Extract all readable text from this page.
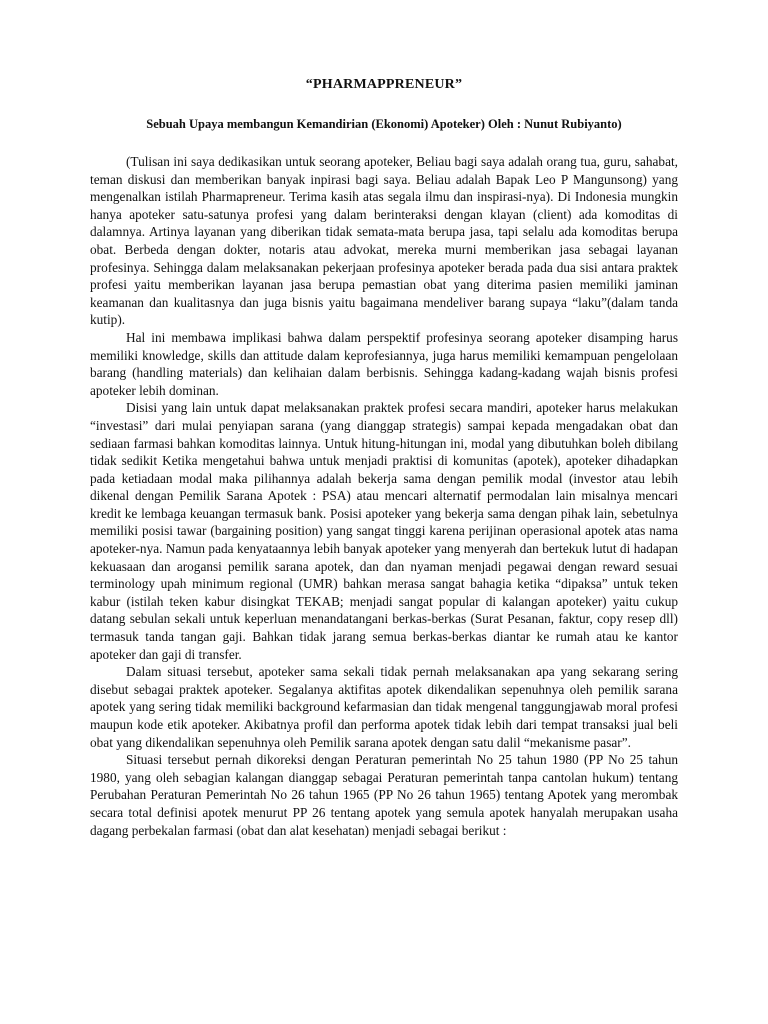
“PHARMAPPRENEUR”
Sebuah Upaya membangun Kemandirian (Ekonomi) Apoteker) Oleh : Nunut Rubiyanto)

(Tulisan ini saya dedikasikan untuk seorang apoteker, Beliau bagi saya adalah orang tua, guru, sahabat, teman diskusi dan memberikan banyak inpirasi bagi saya. Beliau adalah Bapak Leo P Mangunsong) yang mengenalkan istilah Pharmapreneur. Terima kasih atas segala ilmu dan inspirasi-nya). Di Indonesia mungkin hanya apoteker satu-satunya profesi yang dalam berinteraksi dengan klayan (client) ada komoditas di dalamnya. Artinya layanan yang diberikan tidak semata-mata berupa jasa, tapi selalu ada komoditas berupa obat. Berbeda dengan dokter, notaris atau advokat, mereka murni memberikan jasa sebagai layanan profesinya. Sehingga dalam melaksanakan pekerjaan profesinya apoteker berada pada dua sisi antara praktek profesi yaitu memberikan layanan jasa berupa pemastian obat yang diterima pasien memiliki jaminan keamanan dan kualitasnya dan juga bisnis yaitu bagaimana mendeliver barang supaya “laku”(dalam tanda kutip).

Hal ini membawa implikasi bahwa dalam perspektif profesinya seorang apoteker disamping harus memiliki knowledge, skills dan attitude dalam keprofesiannya, juga harus memiliki kemampuan pengelolaan barang (handling materials) dan kelihaian dalam berbisnis. Sehingga kadang-kadang wajah bisnis profesi apoteker lebih dominan.

Disisi yang lain untuk dapat melaksanakan praktek profesi secara mandiri, apoteker harus melakukan “investasi” dari mulai penyiapan sarana (yang dianggap strategis) sampai kepada mengadakan obat dan sediaan farmasi bahkan komoditas lainnya. Untuk hitung-hitungan ini, modal yang dibutuhkan boleh dibilang tidak sedikit Ketika mengetahui bahwa untuk menjadi praktisi di komunitas (apotek), apoteker dihadapkan pada ketiadaan modal maka pilihannya adalah bekerja sama dengan pemilik modal (investor atau lebih dikenal dengan Pemilik Sarana Apotek : PSA) atau mencari alternatif permodalan lain misalnya mencari kredit ke lembaga keuangan termasuk bank. Posisi apoteker yang bekerja sama dengan pihak lain, sebetulnya memiliki posisi tawar (bargaining position) yang sangat tinggi karena perijinan operasional apotek atas nama apoteker-nya. Namun pada kenyataannya lebih banyak apoteker yang menyerah dan bertekuk lutut di hadapan kekuasaan dan arogansi pemilik sarana apotek, dan dan nyaman menjadi pegawai dengan reward sesuai terminology upah minimum regional (UMR) bahkan merasa sangat bahagia ketika “dipaksa” untuk teken kabur (istilah teken kabur disingkat TEKAB; menjadi sangat popular di kalangan apoteker) yaitu cukup datang sebulan sekali untuk keperluan menandatangani berkas-berkas (Surat Pesanan, faktur, copy resep dll) termasuk tanda tangan gaji. Bahkan tidak jarang semua berkas-berkas diantar ke rumah atau ke kantor apoteker dan gaji di transfer.

Dalam situasi tersebut, apoteker sama sekali tidak pernah melaksanakan apa yang sekarang sering disebut sebagai praktek apoteker. Segalanya aktifitas apotek dikendalikan sepenuhnya oleh pemilik sarana apotek yang sering tidak memiliki background kefarmasian dan tidak mengenal tanggungjawab moral profesi maupun kode etik apoteker. Akibatnya profil dan performa apotek tidak lebih dari tempat transaksi jual beli obat yang dikendalikan sepenuhnya oleh Pemilik sarana apotek dengan satu dalil “mekanisme pasar”.

Situasi tersebut pernah dikoreksi dengan Peraturan pemerintah No 25 tahun 1980 (PP No 25 tahun 1980, yang oleh sebagian kalangan dianggap sebagai Peraturan pemerintah tanpa cantolan hukum) tentang Perubahan Peraturan Pemerintah No 26 tahun 1965 (PP No 26 tahun 1965) tentang Apotek yang merombak secara total definisi apotek menurut PP 26 tentang apotek yang semula apotek hanyalah merupakan usaha dagang perbekalan farmasi (obat dan alat kesehatan) menjadi sebagai berikut :
